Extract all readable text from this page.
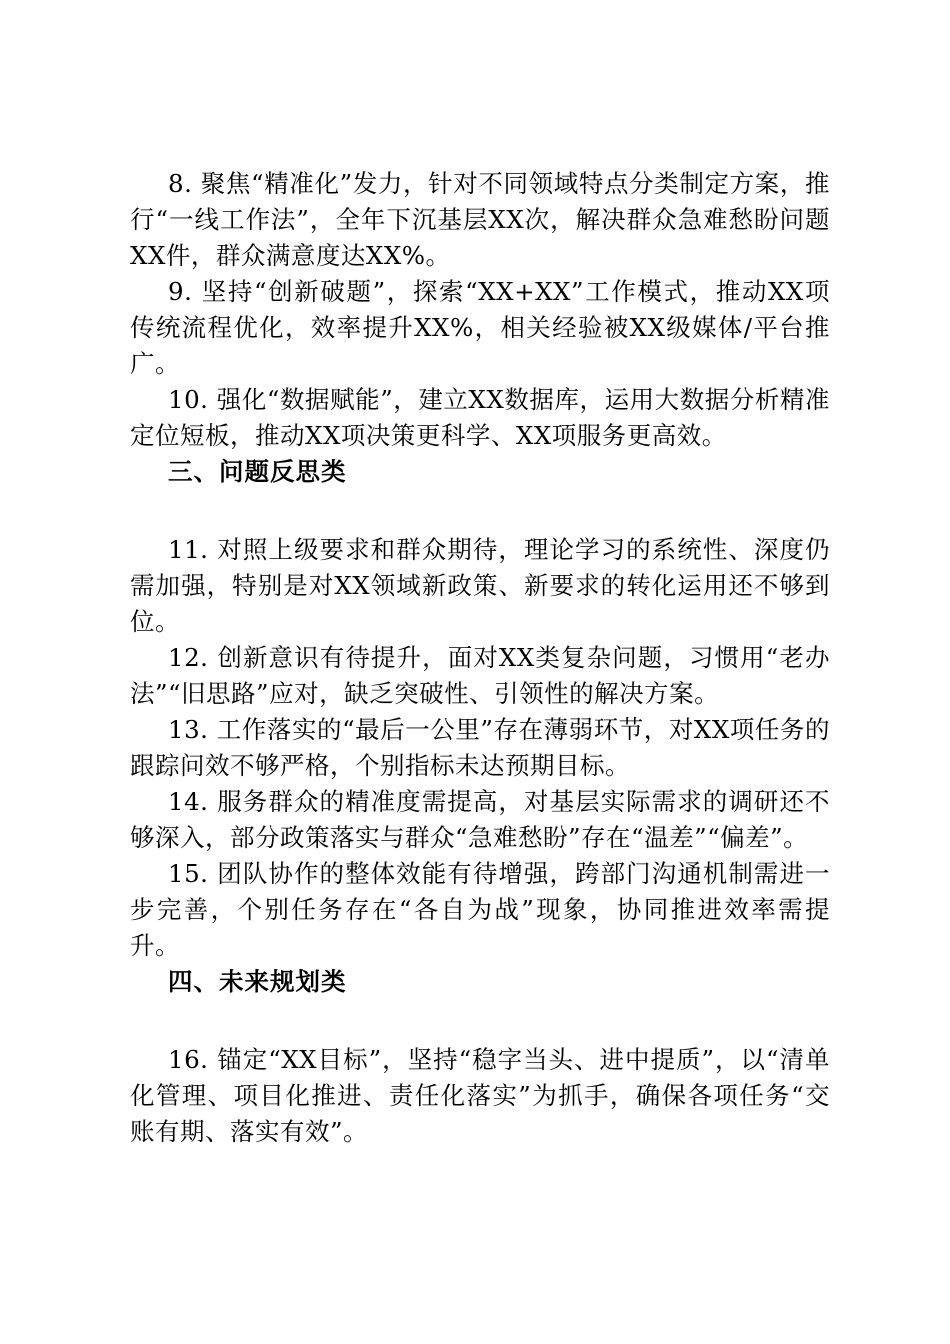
8. 聚焦“精准化”发力，针对不同领域特点分类制定方案，推行“一线工作法”，全年下沉基层XX次，解决群众急难愁盼问题XX件，群众满意度达XX%。

9. 坚持“创新破题”，探索“XX+XX”工作模式，推动XX项传统流程优化，效率提升XX%，相关经验被XX级媒体/平台推广。

10. 强化“数据赋能”，建立XX数据库，运用大数据分析精准定位短板，推动XX项决策更科学、XX项服务更高效。

三、问题反思类

11. 对照上级要求和群众期待，理论学习的系统性、深度仍需加强，特别是对XX领域新政策、新要求的转化运用还不够到位。

12. 创新意识有待提升，面对XX类复杂问题，习惯用“老办法”“旧思路”应对，缺乏突破性、引领性的解决方案。

13. 工作落实的“最后一公里”存在薄弱环节，对XX项任务的跟踪问效不够严格，个别指标未达预期目标。

14. 服务群众的精准度需提高，对基层实际需求的调研还不够深入，部分政策落实与群众“急难愁盼”存在“温差”“偏差”。

15. 团队协作的整体效能有待增强，跨部门沟通机制需进一步完善，个别任务存在“各自为战”现象，协同推进效率需提升。

四、未来规划类

16. 锚定“XX目标”，坚持“稳字当头、进中提质”，以“清单化管理、项目化推进、责任化落实”为抓手，确保各项任务“交账有期、落实有效”。
